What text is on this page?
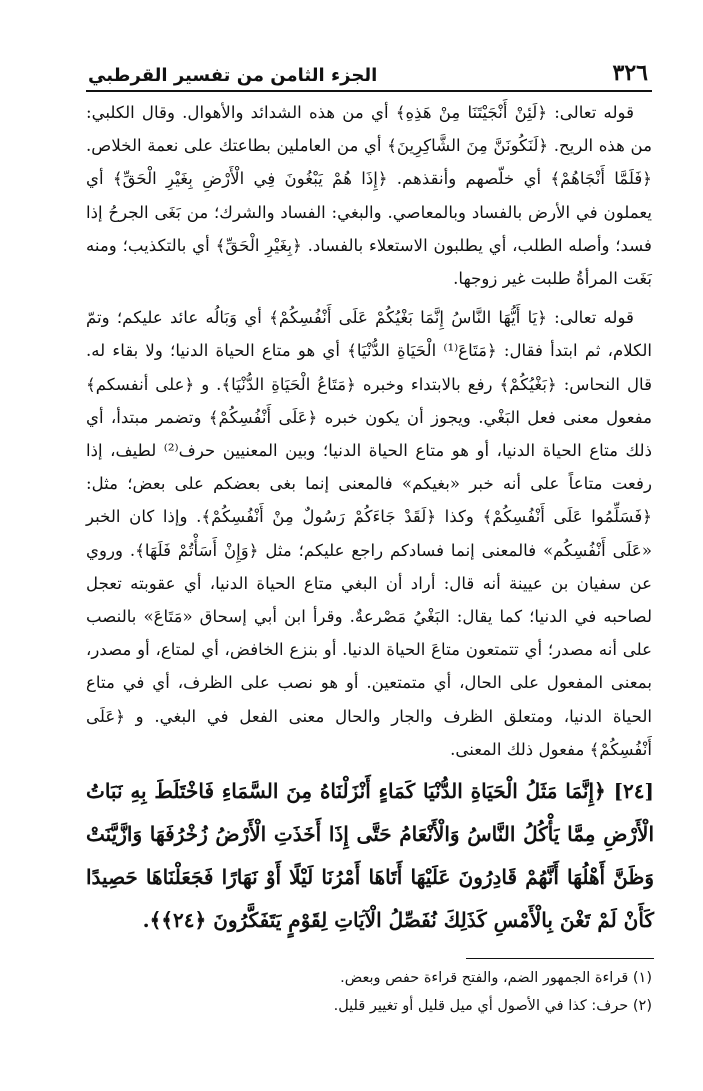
٣٢٦
الجزء الثامن من تفسير القرطبي

قوله تعالى: ﴿لَئِنْ أَنْجَيْتَنَا مِنْ هَذِهِ﴾ أي من هذه الشدائد والأهوال. وقال الكلبي: من هذه الريح. ﴿لَنَكُونَنَّ مِنَ الشَّاكِرِينَ﴾ أي من العاملين بطاعتك على نعمة الخلاص. ﴿فَلَمَّا أَنْجَاهُمْ﴾ أي خلّصهم وأنقذهم. ﴿إِذَا هُمْ يَبْغُونَ فِي الْأَرْضِ بِغَيْرِ الْحَقِّ﴾ أي يعملون في الأرض بالفساد وبالمعاصي. والبغي: الفساد والشرك؛ من بَغَى الجرحُ إذا فسد؛ وأصله الطلب، أي يطلبون الاستعلاء بالفساد. ﴿بِغَيْرِ الْحَقِّ﴾ أي بالتكذيب؛ ومنه بَغَت المرأةُ طلبت غير زوجها.

قوله تعالى: ﴿يَا أَيُّهَا النَّاسُ إِنَّمَا بَغْيُكُمْ عَلَى أَنْفُسِكُمْ﴾ أي وَبَالُه عائد عليكم؛ وتمّ الكلام، ثم ابتدأ فقال: ﴿مَتَاعَ⁽¹⁾ الْحَيَاةِ الدُّنْيَا﴾ أي هو متاع الحياة الدنيا؛ ولا بقاء له. قال النحاس: ﴿بَغْيُكُمْ﴾ رفع بالابتداء وخبره ﴿مَتَاعُ الْحَيَاةِ الدُّنْيَا﴾. و ﴿على أنفسكم﴾ مفعول معنى فعل البَغْي. ويجوز أن يكون خبره ﴿عَلَى أَنْفُسِكُمْ﴾ وتضمر مبتدأ، أي ذلك متاع الحياة الدنيا، أو هو متاع الحياة الدنيا؛ وبين المعنيين حرف⁽²⁾ لطيف، إذا رفعت متاعاً على أنه خبر «بغيكم» فالمعنى إنما بغى بعضكم على بعض؛ مثل: ﴿فَسَلِّمُوا عَلَى أَنْفُسِكُمْ﴾ وكذا ﴿لَقَدْ جَاءَكُمْ رَسُولٌ مِنْ أَنْفُسِكُمْ﴾. وإذا كان الخبر «عَلَى أَنْفُسِكُم» فالمعنى إنما فسادكم راجع عليكم؛ مثل ﴿وَإِنْ أَسَأْتُمْ فَلَهَا﴾. وروي عن سفيان بن عيينة أنه قال: أراد أن البغي متاع الحياة الدنيا، أي عقوبته تعجل لصاحبه في الدنيا؛ كما يقال: البَغْيُ مَصْرعةٌ. وقرأ ابن أبي إسحاق «مَتَاعَ» بالنصب على أنه مصدر؛ أي تتمتعون متاعَ الحياة الدنيا. أو بنزع الخافض، أي لمتاع، أو مصدر، بمعنى المفعول على الحال، أي متمتعين. أو هو نصب على الظرف، أي في متاع الحياة الدنيا، ومتعلق الظرف والجار والحال معنى الفعل في البغي. و ﴿عَلَى أَنْفُسِكُمْ﴾ مفعول ذلك المعنى.

[٢٤] ﴿إِنَّمَا مَثَلُ الْحَيَاةِ الدُّنْيَا كَمَاءٍ أَنْزَلْنَاهُ مِنَ السَّمَاءِ فَاخْتَلَطَ بِهِ نَبَاتُ الْأَرْضِ مِمَّا يَأْكُلُ النَّاسُ وَالْأَنْعَامُ حَتَّى إِذَا أَخَذَتِ الْأَرْضُ زُخْرُفَهَا وَازَّيَّنَتْ وَظَنَّ أَهْلُهَا أَنَّهُمْ قَادِرُونَ عَلَيْهَا أَتَاهَا أَمْرُنَا لَيْلًا أَوْ نَهَارًا فَجَعَلْنَاهَا حَصِيدًا كَأَنْ لَمْ تَغْنَ بِالْأَمْسِ كَذَلِكَ نُفَصِّلُ الْآيَاتِ لِقَوْمٍ يَتَفَكَّرُونَ ﴿٢٤﴾﴾.
(١) قراءة الجمهور الضم، والفتح قراءة حفص وبعض.
(٢) حرف: كذا في الأصول أي ميل قليل أو تغيير قليل.
